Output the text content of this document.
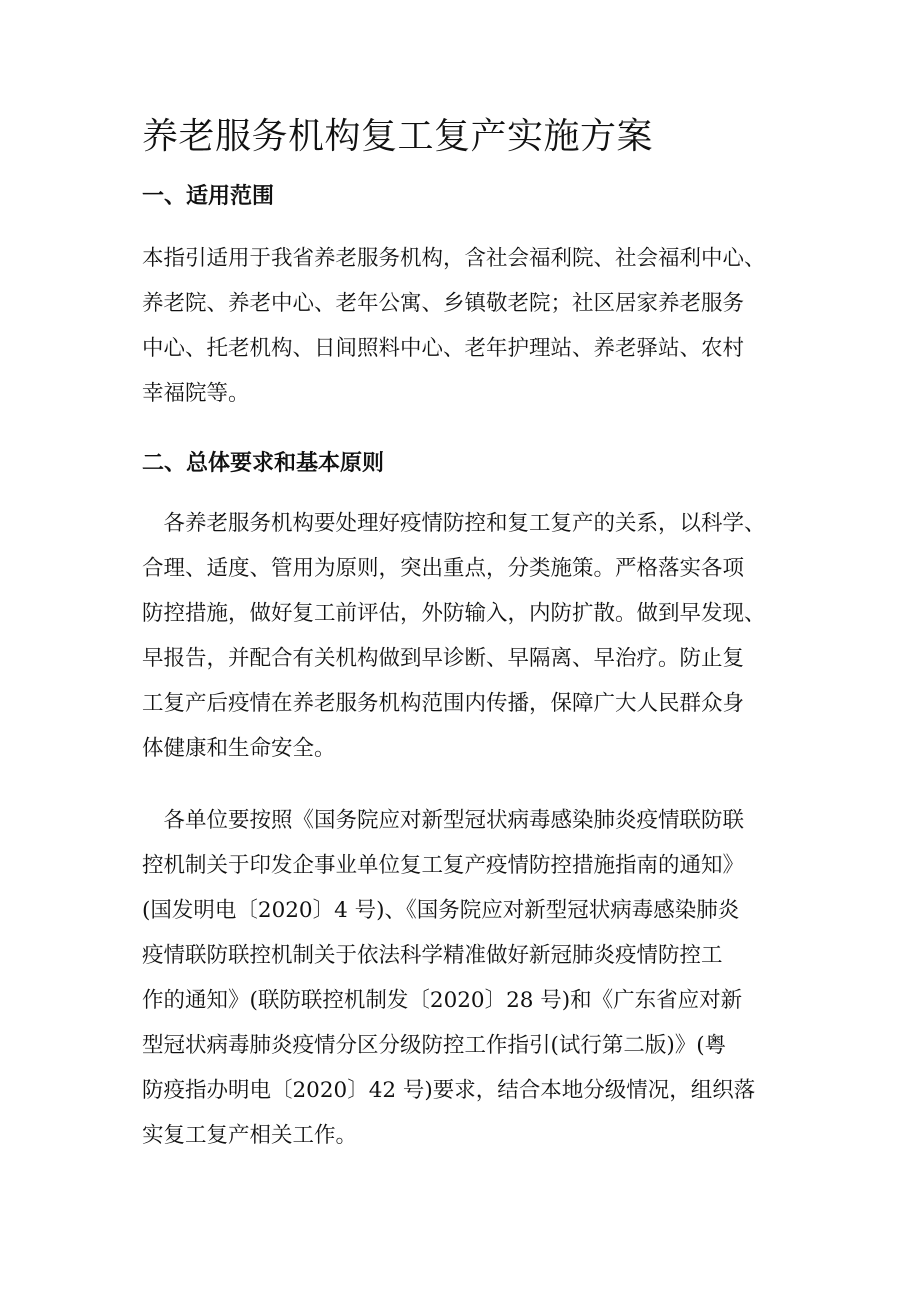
养老服务机构复工复产实施方案
一、适用范围

本指引适用于我省养老服务机构，含社会福利院、社会福利中心、
养老院、养老中心、老年公寓、乡镇敬老院；社区居家养老服务
中心、托老机构、日间照料中心、老年护理站、养老驿站、农村
幸福院等。

二、总体要求和基本原则

　各养老服务机构要处理好疫情防控和复工复产的关系，以科学、
合理、适度、管用为原则，突出重点，分类施策。严格落实各项
防控措施，做好复工前评估，外防输入，内防扩散。做到早发现、
早报告，并配合有关机构做到早诊断、早隔离、早治疗。防止复
工复产后疫情在养老服务机构范围内传播，保障广大人民群众身
体健康和生命安全。

　各单位要按照《国务院应对新型冠状病毒感染肺炎疫情联防联
控机制关于印发企事业单位复工复产疫情防控措施指南的通知》
(国发明电〔2020〕4 号)、《国务院应对新型冠状病毒感染肺炎
疫情联防联控机制关于依法科学精准做好新冠肺炎疫情防控工
作的通知》(联防联控机制发〔2020〕28 号)和《广东省应对新
型冠状病毒肺炎疫情分区分级防控工作指引(试行第二版)》(粤
防疫指办明电〔2020〕42 号)要求，结合本地分级情况，组织落
实复工复产相关工作。
